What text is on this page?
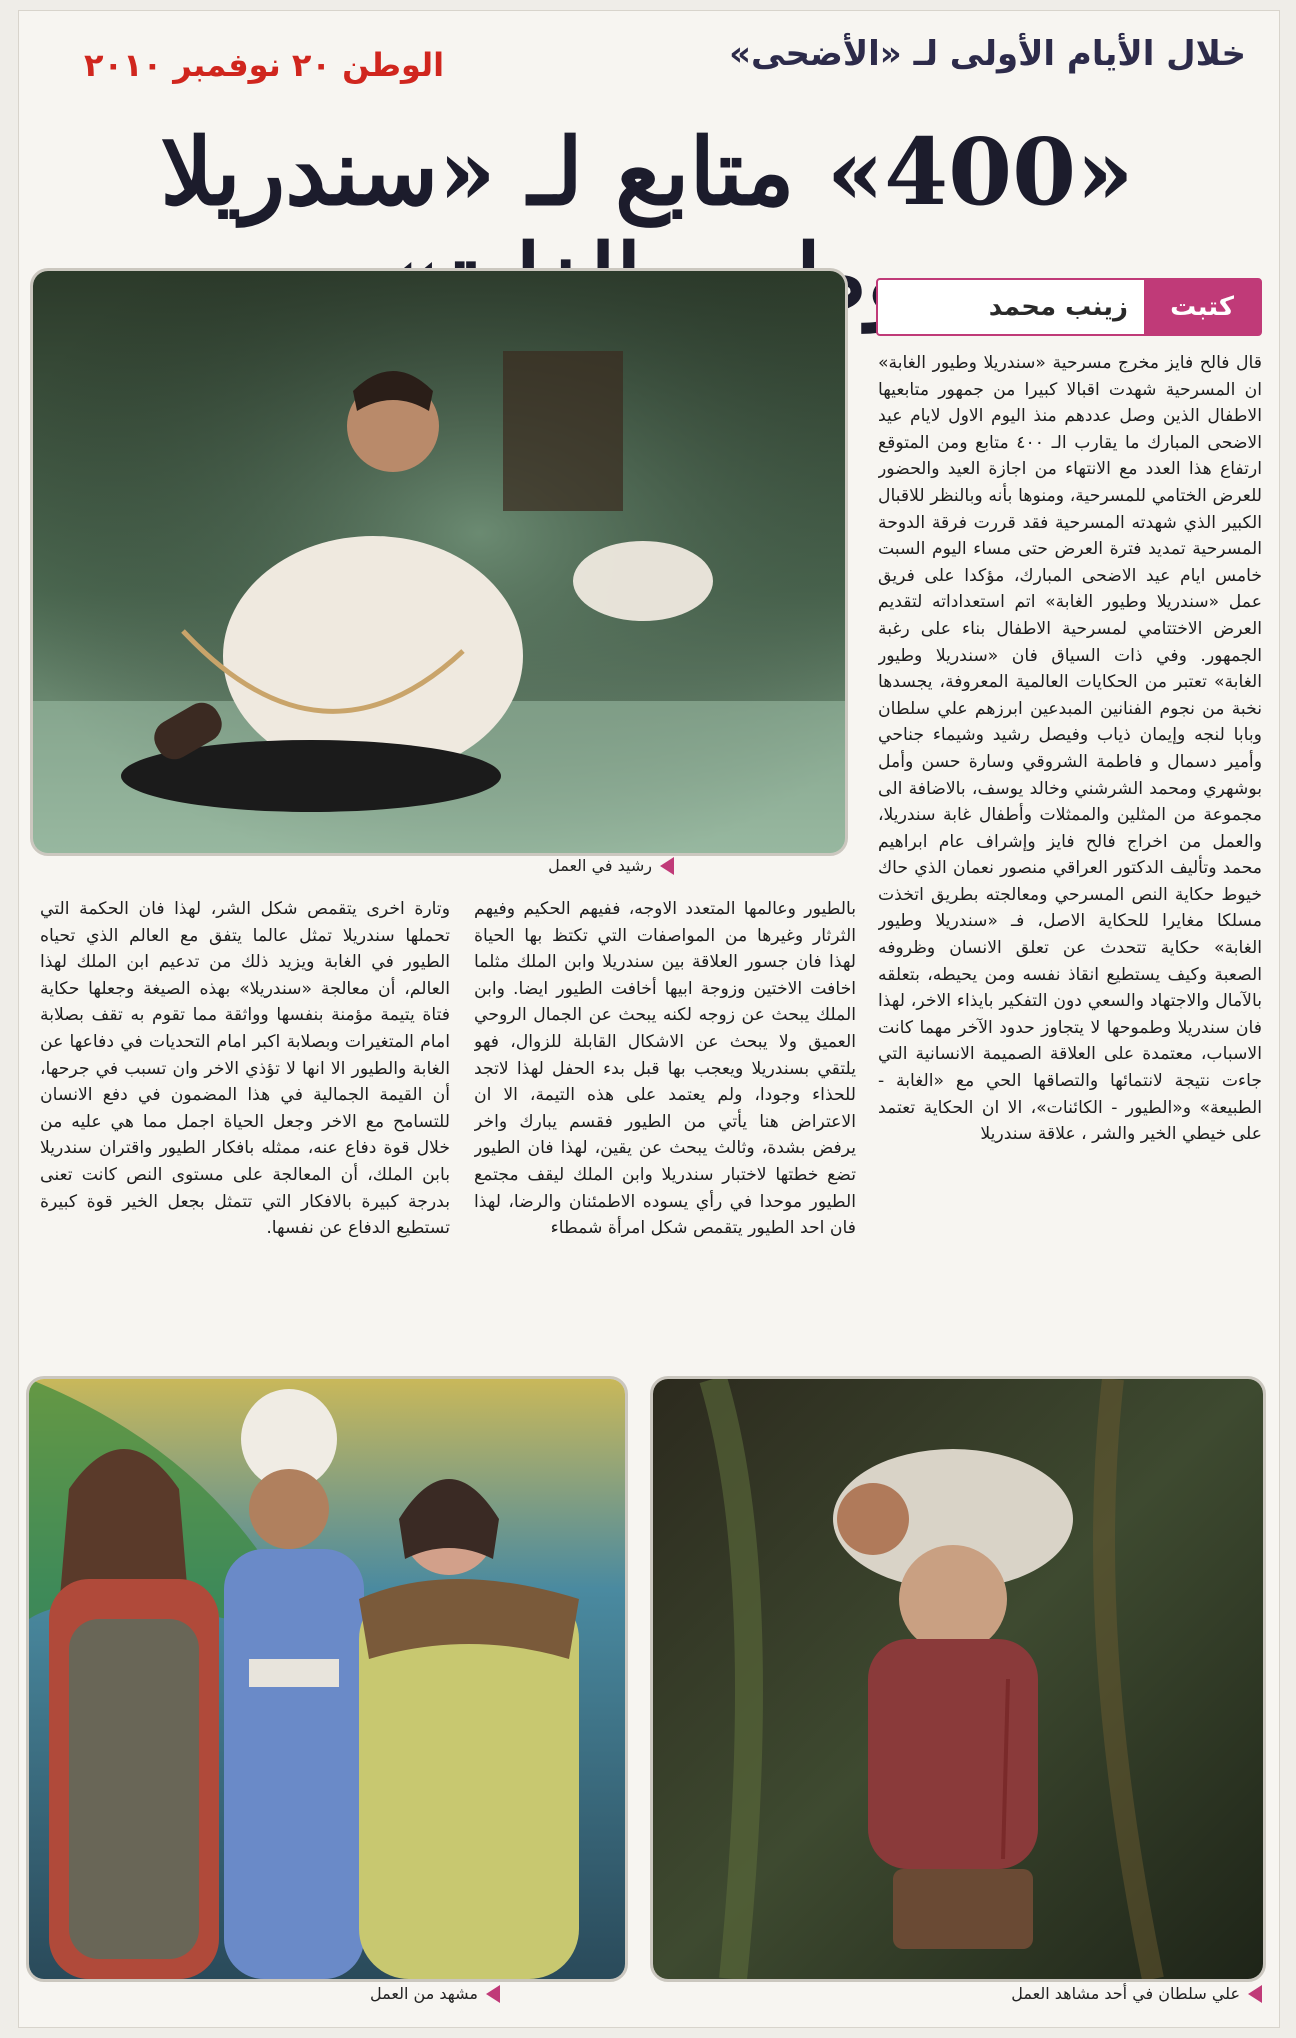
خلال الأيام الأولى لـ «الأضحى»
الوطن ٢٠ نوفمبر ٢٠١٠
«400» متابع لـ «سندريلا
رشيد في العمل
كتبت
زينب محمد

قال فالح فايز مخرج مسرحية «سندريلا وطيور الغابة» ان المسرحية شهدت اقبالا كبيرا من جمهور متابعيها الاطفال الذين وصل عددهم منذ اليوم الاول لايام عيد الاضحى المبارك ما يقارب الـ ٤٠٠ متابع ومن المتوقع ارتفاع هذا العدد مع الانتهاء من اجازة العيد والحضور للعرض الختامي للمسرحية، ومنوها بأنه وبالنظر للاقبال الكبير الذي شهدته المسرحية فقد قررت فرقة الدوحة المسرحية تمديد فترة العرض حتى مساء اليوم السبت خامس ايام عيد الاضحى المبارك، مؤكدا على فريق عمل «سندريلا وطيور الغابة» اتم استعداداته لتقديم العرض الاختتامي لمسرحية الاطفال بناء على رغبة الجمهور. وفي ذات السياق فان «سندريلا وطيور الغابة» تعتبر من الحكايات العالمية المعروفة، يجسدها نخبة من نجوم الفنانين المبدعين ابرزهم علي سلطان وبابا لنجه وإيمان ذياب وفيصل رشيد وشيماء جناحي وأمير دسمال و فاطمة الشروقي وسارة حسن وأمل بوشهري ومحمد الشرشني وخالد يوسف، بالاضافة الى مجموعة من المثلين والممثلات وأطفال غابة سندريلا، والعمل من اخراج فالح فايز وإشراف عام ابراهيم محمد وتأليف الدكتور العراقي منصور نعمان الذي حاك خيوط حكاية النص المسرحي ومعالجته بطريق اتخذت مسلكا مغايرا للحكاية الاصل، فـ «سندريلا وطيور الغابة» حكاية تتحدث عن تعلق الانسان وظروفه الصعبة وكيف يستطيع انقاذ نفسه ومن يحيطه، بتعلقه بالآمال والاجتهاد والسعي دون التفكير بايذاء الاخر، لهذا فان سندريلا وطموحها لا يتجاوز حدود الآخر مهما كانت الاسباب، معتمدة على العلاقة الصميمة الانسانية التي جاءت نتيجة لانتمائها والتصاقها الحي مع «الغابة - الطبيعة» و«الطيور - الكائنات»، الا ان الحكاية تعتمد على خيطي الخير والشر ، علاقة سندريلا

بالطيور وعالمها المتعدد الاوجه، ففيهم الحكيم وفيهم الثرثار وغيرها من المواصفات التي تكتظ بها الحياة لهذا فان جسور العلاقة بين سندريلا وابن الملك مثلما اخافت الاختين وزوجة ابيها أخافت الطيور ايضا. وابن الملك يبحث عن زوجه لكنه يبحث عن الجمال الروحي العميق ولا يبحث عن الاشكال القابلة للزوال، فهو يلتقي بسندريلا ويعجب بها قبل بدء الحفل لهذا لاتجد للحذاء وجودا، ولم يعتمد على هذه التيمة، الا ان الاعتراض هنا يأتي من الطيور فقسم يبارك واخر يرفض بشدة، وثالث يبحث عن يقين، لهذا فان الطيور تضع خطتها لاختبار سندريلا وابن الملك ليقف مجتمع الطيور موحدا في رأي يسوده الاطمئنان والرضا، لهذا فان احد الطيور يتقمص شكل امرأة شمطاء

وتارة اخرى يتقمص شكل الشر، لهذا فان الحكمة التي تحملها سندريلا تمثل عالما يتفق مع العالم الذي تحياه الطيور في الغابة ويزيد ذلك من تدعيم ابن الملك لهذا العالم، أن معالجة «سندريلا» بهذه الصيغة وجعلها حكاية فتاة يتيمة مؤمنة بنفسها وواثقة مما تقوم به تقف بصلابة امام المتغيرات وبصلابة اكبر امام التحديات في دفاعها عن الغابة والطيور الا انها لا تؤذي الاخر وان تسبب في جرحها، أن القيمة الجمالية في هذا المضمون في دفع الانسان للتسامح مع الاخر وجعل الحياة اجمل مما هي عليه من خلال قوة دفاع عنه، ممثله بافكار الطيور واقتران سندريلا بابن الملك، أن المعالجة على مستوى النص كانت تعنى بدرجة كبيرة بالافكار التي تتمثل بجعل الخير قوة كبيرة تستطيع الدفاع عن نفسها.

علي سلطان في أحد مشاهد العمل
مشهد من العمل
